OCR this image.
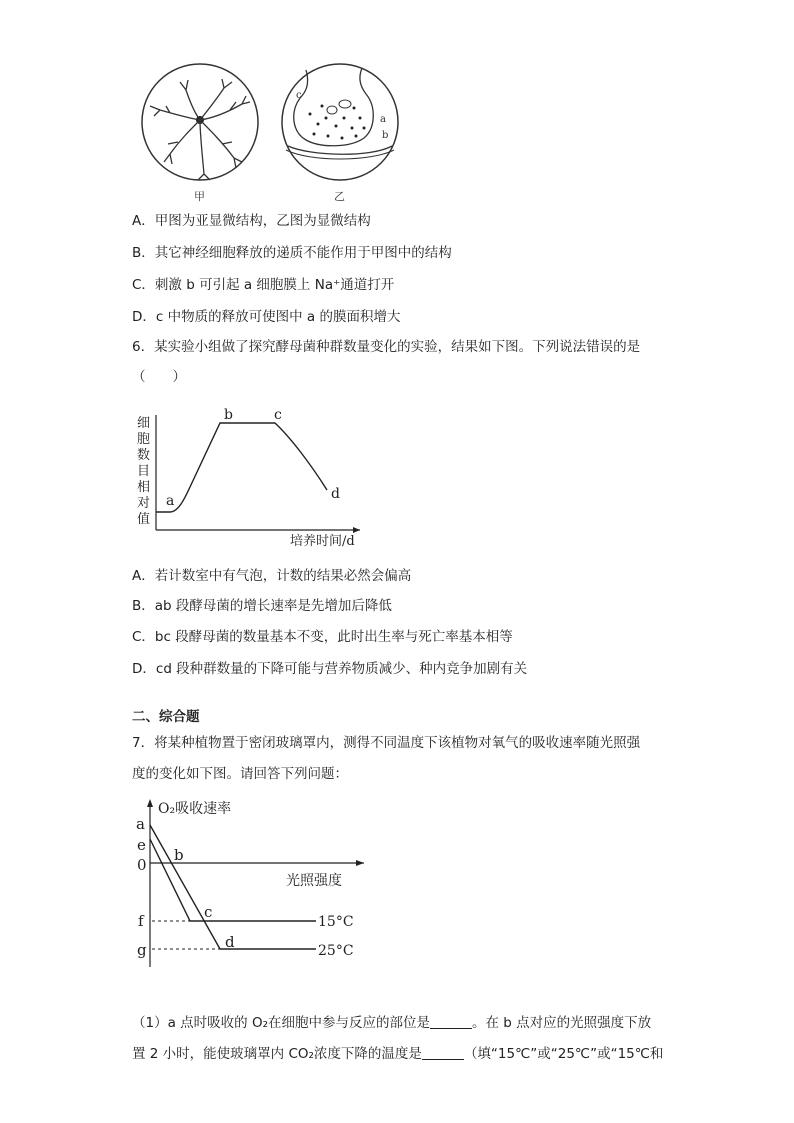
甲
c
a
b
乙
A．甲图为亚显微结构，乙图为显微结构
B．其它神经细胞释放的递质不能作用于甲图中的结构
C．刺激 b 可引起 a 细胞膜上 Na⁺通道打开
D．c 中物质的释放可使图中 a 的膜面积增大
6．某实验小组做了探究酵母菌种群数量变化的实验，结果如下图。下列说法错误的是
（　　）
细
胞
数
目
相
对
值
a
b	c
d
培养时间/d
A．若计数室中有气泡，计数的结果必然会偏高
B．ab 段酵母菌的增长速率是先增加后降低
C．bc 段酵母菌的数量基本不变，此时出生率与死亡率基本相等
D．cd 段种群数量的下降可能与营养物质减少、种内竞争加剧有关
二、综合题
7．将某种植物置于密闭玻璃罩内，测得不同温度下该植物对氧气的吸收速率随光照强
度的变化如下图。请回答下列问题：
O₂吸收速率
光照强度
a
e
0
f
g
b
c
d
15°C
25°C
（1）a 点时吸收的 O₂在细胞中参与反应的部位是	。在 b 点对应的光照强度下放
置 2 小时，能使玻璃罩内 CO₂浓度下降的温度是	（填“15℃”或“25℃”或“15℃和
